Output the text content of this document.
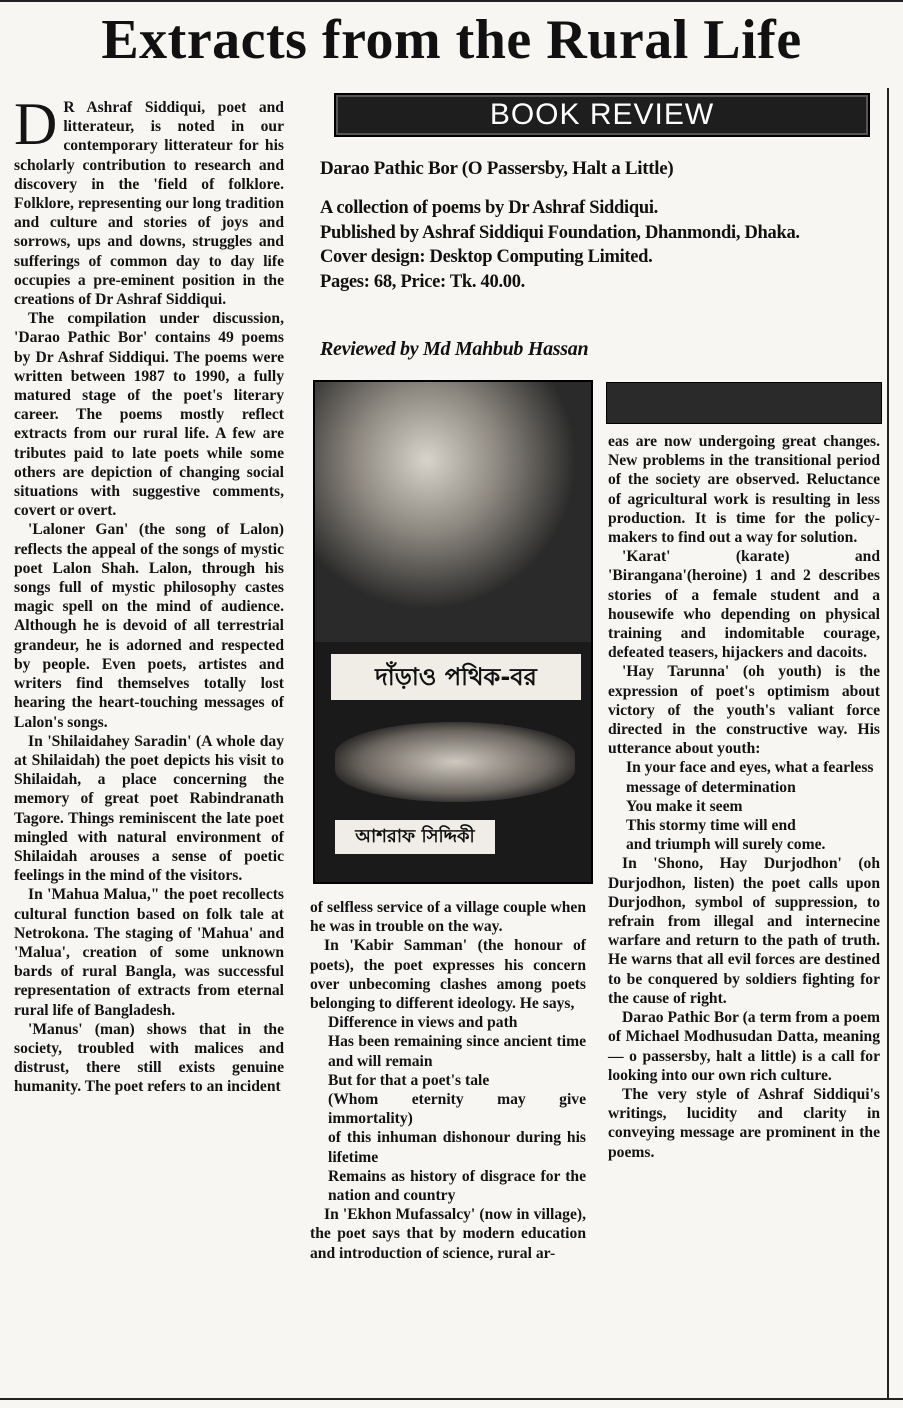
Extracts from the Rural Life
BOOK REVIEW
Darao Pathic Bor (O Passersby, Halt a Little)
A collection of poems by Dr Ashraf Siddiqui.
Published by Ashraf Siddiqui Foundation, Dhanmondi, Dhaka.
Cover design: Desktop Computing Limited.
Pages: 68, Price: Tk. 40.00.
Reviewed by Md Mahbub Hassan
দাঁড়াও পথিক-বর
আশরাফ সিদ্দিকী

D R Ashraf Siddiqui, poet and litterateur, is noted in our contemporary litterateur for his scholarly contribution to research and discovery in the 'field of folklore. Folklore, representing our long tradition and culture and stories of joys and sorrows, ups and downs, struggles and sufferings of common day to day life occupies a pre-eminent position in the creations of Dr Ashraf Siddiqui.

The compilation under discussion, 'Darao Pathic Bor' contains 49 poems by Dr Ashraf Siddiqui. The poems were written between 1987 to 1990, a fully matured stage of the poet's literary career. The poems mostly reflect extracts from our rural life. A few are tributes paid to late poets while some others are depiction of changing social situations with suggestive comments, covert or overt.

'Laloner Gan' (the song of Lalon) reflects the appeal of the songs of mystic poet Lalon Shah. Lalon, through his songs full of mystic philosophy castes magic spell on the mind of audience. Although he is devoid of all terrestrial grandeur, he is adorned and respected by people. Even poets, artistes and writers find themselves totally lost hearing the heart-touching messages of Lalon's songs.

In 'Shilaidahey Saradin' (A whole day at Shilaidah) the poet depicts his visit to Shilaidah, a place concerning the memory of great poet Rabindranath Tagore. Things reminiscent the late poet mingled with natural environment of Shilaidah arouses a sense of poetic feelings in the mind of the visitors.

In 'Mahua Malua," the poet recollects cultural function based on folk tale at Netrokona. The staging of 'Mahua' and 'Malua', creation of some unknown bards of rural Bangla, was successful representation of extracts from eternal rural life of Bangladesh.

'Manus' (man) shows that in the society, troubled with malices and distrust, there still exists genuine humanity. The poet refers to an incident

of selfless service of a village couple when he was in trouble on the way.

In 'Kabir Samman' (the honour of poets), the poet expresses his concern over unbecoming clashes among poets belonging to different ideology. He says,

Difference in views and path

Has been remaining since ancient time and will remain

But for that a poet's tale

(Whom eternity may give immortality)

of this inhuman dishonour during his lifetime

Remains as history of disgrace for the nation and country

In 'Ekhon Mufassalcy' (now in village), the poet says that by modern education and introduction of science, rural ar-

eas are now undergoing great changes. New problems in the transitional period of the society are observed. Reluctance of agricultural work is resulting in less production. It is time for the policy-makers to find out a way for solution.

'Karat' (karate) and 'Birangana'(heroine) 1 and 2 describes stories of a female student and a housewife who depending on physical training and indomitable courage, defeated teasers, hijackers and dacoits.

'Hay Tarunna' (oh youth) is the expression of poet's optimism about victory of the youth's valiant force directed in the constructive way. His utterance about youth:

In your face and eyes, what a fearless

message of determination

You make it seem

This stormy time will end

and triumph will surely come.

In 'Shono, Hay Durjodhon' (oh Durjodhon, listen) the poet calls upon Durjodhon, symbol of suppression, to refrain from illegal and internecine warfare and return to the path of truth. He warns that all evil forces are destined to be conquered by soldiers fighting for the cause of right.

Darao Pathic Bor (a term from a poem of Michael Modhusudan Datta, meaning — o passersby, halt a little) is a call for looking into our own rich culture.

The very style of Ashraf Siddiqui's writings, lucidity and clarity in conveying message are prominent in the poems.
